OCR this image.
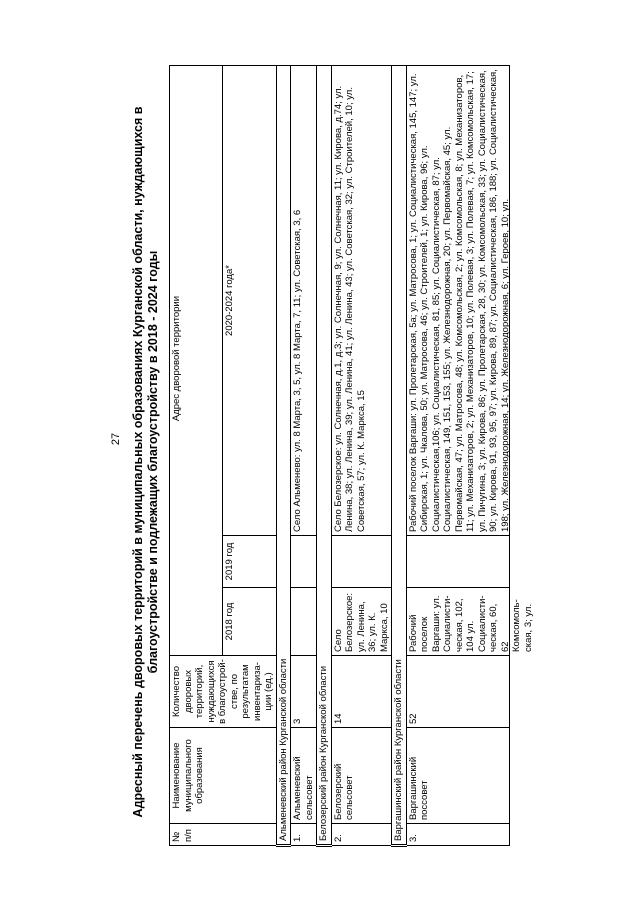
27 Адресный перечень дворовых территорий в муниципальных образованиях Курганской области, нуждающихся в благоустройстве и подлежащих благоустройству в 2018 - 2024 годы
№ п/п	Наименование муниципального образования	Количество дворовых территорий, нуждающихся в благоустрой-стве, по результатам инвентариза-ции (ед.)	Адрес дворовой территории		
			2018 год	2019 год	2020-2024 года*
Альменевский район Курганской области					
1.	Альменевский сельсовет	3			Село Альменево: ул. 8 Марта, 3, 5, ул. 8 Марта, 7, 11; ул. Советская, 3, 6
Белозерский район Курганской области					
2.	Белозерский сельсовет	14	Село Белозерское: ул. Ленина, 36; ул. К. Маркса, 10		Село Белозерское: ул. Солнечная, д.1, д.3; ул. Солнечная, 9; ул. Солнечная, 11; ул. Кирова, д.74; ул. Ленина, 38; ул. Ленина, 39; ул. Ленина, 41; ул. Ленина, 43; ул. Советская, 32; ул. Строителей, 10; ул. Советская, 57; ул. К. Маркса, 15
Варгашинский район Курганской области					
3.	Варгашинский поссовет	52	Рабочий поселок Варгаши: ул. Социалисти-ческая, 102, 104 ул. Социалисти-ческая, 60, 62 Комсомоль-ская, 3; ул.		Рабочий поселок Варгаши: ул. Пролетарская, 5а; ул. Матросова, 1; ул. Социалистическая, 145, 147; ул. Сибирская, 1; ул. Чкалова, 50; ул. Матросова, 46; ул. Строителей, 1; ул. Кирова, 96; ул. Социалистическая,106; ул. Социалистическая, 81, 85; ул. Социалистическая, 87; ул. Социалистическая, 149, 151, 153, 155; ул. Железнодорожная, 20; ул. Первомайская, 45; ул. Первомайская, 47; ул. Матросова, 48; ул. Комсомольская, 2; ул. Комсомольская, 8; ул. Механизаторов, 11; ул. Механизаторов, 2; ул. Механизаторов, 10; ул. Полевая, 3; ул. Полевая, 7; ул. Комсомольская, 17; ул. Пичугина, 3; ул. Кирова, 86; ул. Пролетарская, 28, 30; ул. Комсомольская, 33; ул. Социалистическая, 90; ул. Кирова, 91, 93, 95, 97; ул. Кирова, 89, 87; ул. Социалистическая, 186, 188; ул. Социалистическая, 198; ул. Железнодорожная, 14; ул. Железнодорожная, 6; ул. Героев, 10; ул.
